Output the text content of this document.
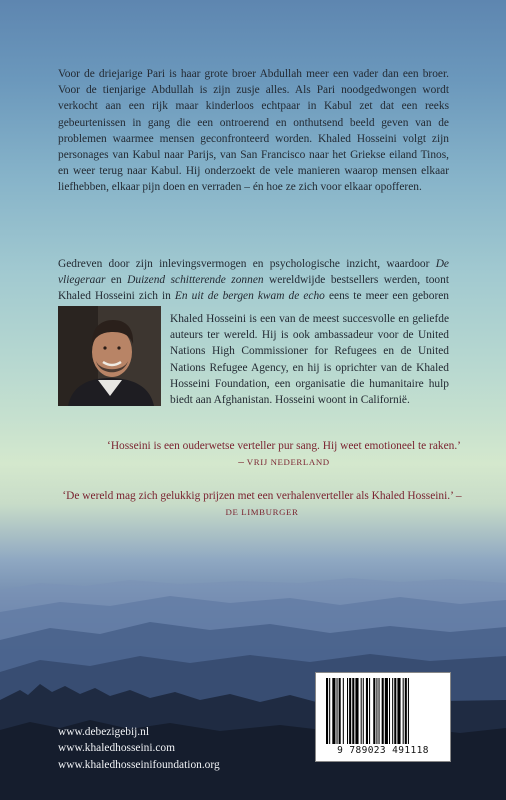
Voor de driejarige Pari is haar grote broer Abdullah meer een vader dan een broer. Voor de tienjarige Abdullah is zijn zusje alles. Als Pari noodgedwongen wordt verkocht aan een rijk maar kinderloos echtpaar in Kabul zet dat een reeks gebeurtenissen in gang die een ontroerend en onthutsend beeld geven van de problemen waarmee mensen geconfronteerd worden. Khaled Hosseini volgt zijn personages van Kabul naar Parijs, van San Francisco naar het Griekse eiland Tinos, en weer terug naar Kabul. Hij onderzoekt de vele manieren waarop mensen elkaar liefhebben, elkaar pijn doen en verraden – én hoe ze zich voor elkaar opofferen.

Gedreven door zijn inlevingsvermogen en psychologische inzicht, waardoor De vliegeraar en Duizend schitterende zonnen wereldwijde bestsellers werden, toont Khaled Hosseini zich in En uit de bergen kwam de echo eens te meer een geboren

Khaled Hosseini is een van de meest succesvolle en geliefde auteurs ter wereld. Hij is ook ambassadeur voor de United Nations High Commissioner for Refugees en de United Nations Refugee Agency, en hij is oprichter van de Khaled Hosseini Foundation, een organisatie die humanitaire hulp biedt aan Afghanistan. Hosseini woont in Californië.

‘Hosseini is een ouderwetse verteller pur sang. Hij weet emotioneel te raken.’ – VRIJ NEDERLAND

‘De wereld mag zich gelukkig prijzen met een verhalenverteller als Khaled Hosseini.’ – DE LIMBURGER

www.debezigebij.nl
www.khaledhosseini.com
www.khaledhosseinifoundation.org
9 789023 491118
